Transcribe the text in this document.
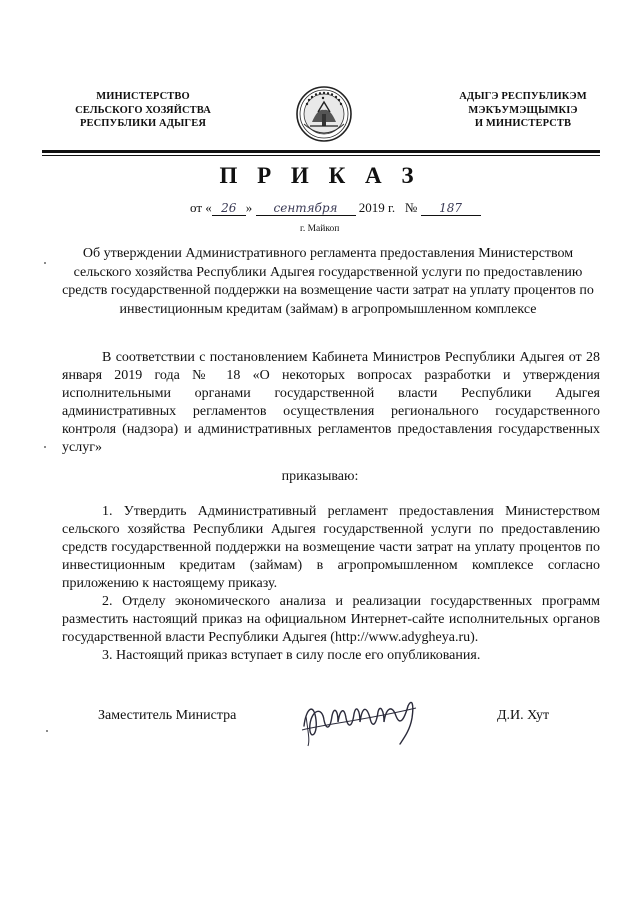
МИНИСТЕРСТВО
СЕЛЬСКОГО ХОЗЯЙСТВА
РЕСПУБЛИКИ АДЫГЕЯ
АДЫГЭ РЕСПУБЛИКЭМ
МЭКЪУМЭЩЫМКIЭ
И МИНИСТЕРСТВ
П Р И К А З
от « 26 » сентября 2019 г. № 187
г. Майкоп
Об утверждении Административного регламента предоставления Министерством сельского хозяйства Республики Адыгея государственной услуги по предоставлению средств государственной поддержки на возмещение части затрат на уплату процентов по инвестиционным кредитам (займам) в агропромышленном комплексе

В соответствии с постановлением Кабинета Министров Республики Адыгея от 28 января 2019 года № 18 «О некоторых вопросах разработки и утверждения исполнительными органами государственной власти Республики Адыгея административных регламентов осуществления регионального государственного контроля (надзора) и административных регламентов предоставления государственных услуг»

приказываю:

1. Утвердить Административный регламент предоставления Министерством сельского хозяйства Республики Адыгея государственной услуги по предоставлению средств государственной поддержки на возмещение части затрат на уплату процентов по инвестиционным кредитам (займам) в агропромышленном комплексе согласно приложению к настоящему приказу.

2. Отделу экономического анализа и реализации государственных программ разместить настоящий приказ на официальном Интернет-сайте исполнительных органов государственной власти Республики Адыгея (http://www.adygheya.ru).

3. Настоящий приказ вступает в силу после его опубликования.

Заместитель Министра	Д.И. Хут
